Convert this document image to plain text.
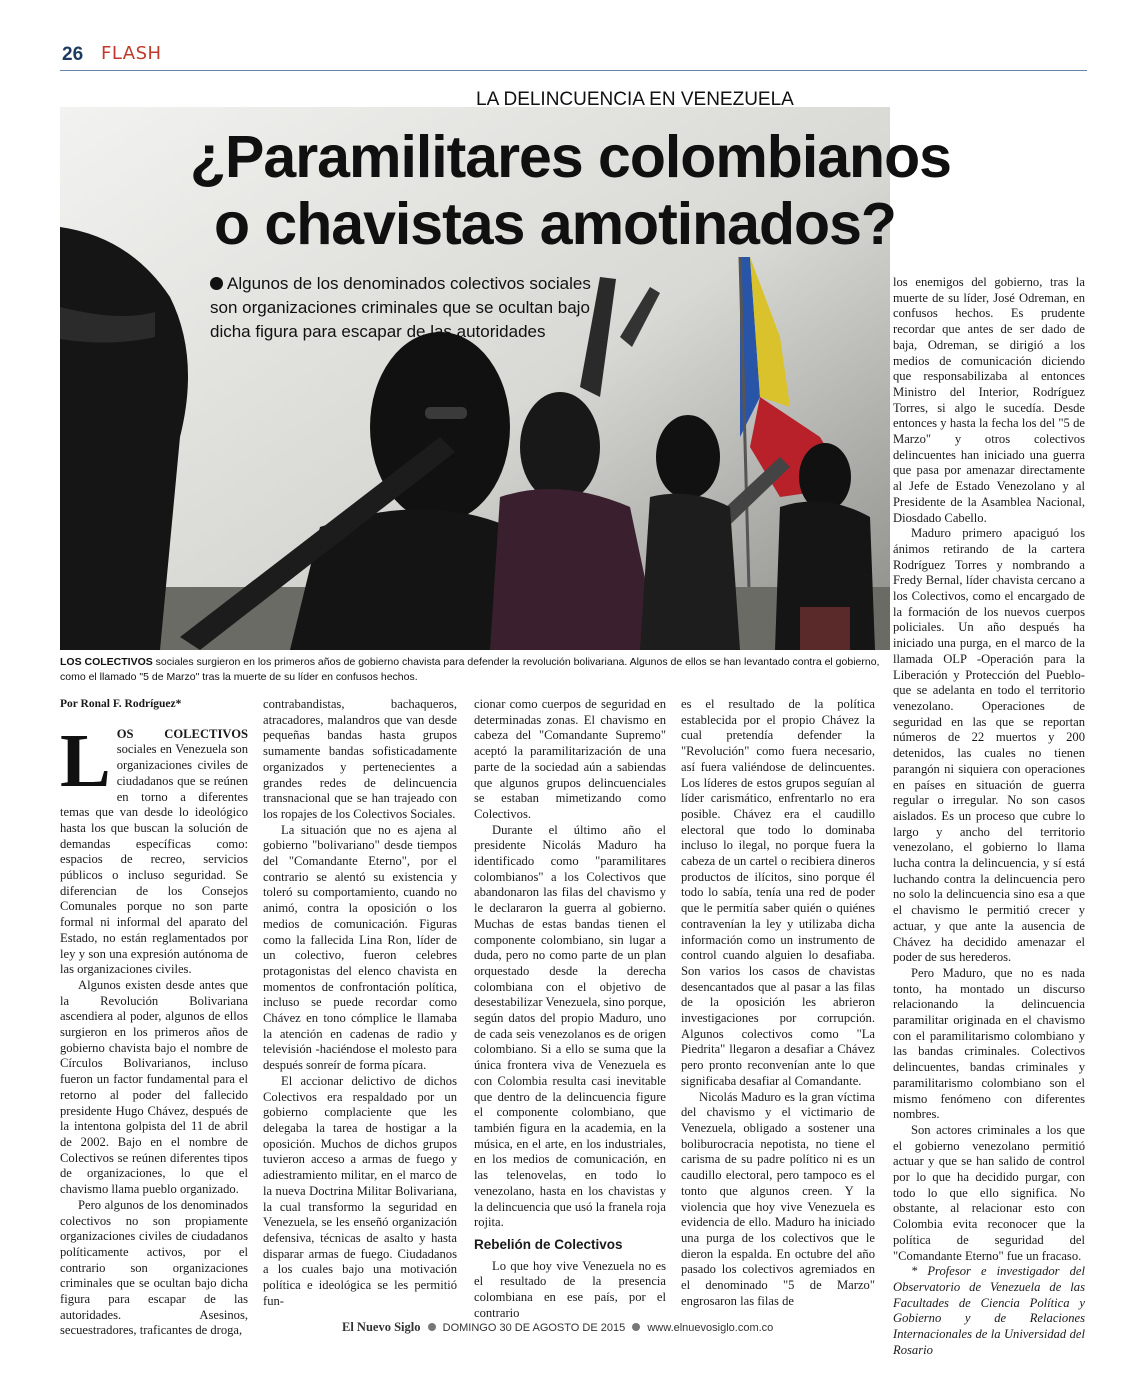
26 FLASH
LA DELINCUENCIA EN VENEZUELA
¿Paramilitares colombianos
o chavistas amotinados?
Algunos de los denominados colectivos sociales son organizaciones criminales que se ocultan bajo dicha figura para escapar de las autoridades
LOS COLECTIVOS sociales surgieron en los primeros años de gobierno chavista para defender la revolución bolivariana. Algunos de ellos se han levantado contra el gobierno, como el llamado "5 de Marzo" tras la muerte de su líder en confusos hechos.

Por Ronal F. Rodríguez*

LOS COLECTIVOS sociales en Venezuela son organizaciones civiles de ciudadanos que se reúnen en torno a diferentes temas que van desde lo ideológico hasta los que buscan la solución de demandas específicas como: espacios de recreo, servicios públicos o incluso seguridad. Se diferencian de los Consejos Comunales porque no son parte formal ni informal del aparato del Estado, no están reglamentados por ley y son una expresión autónoma de las organizaciones civiles.

Algunos existen desde antes que la Revolución Bolivariana ascendiera al poder, algunos de ellos surgieron en los primeros años de gobierno chavista bajo el nombre de Círculos Bolivarianos, incluso fueron un factor fundamental para el retorno al poder del fallecido presidente Hugo Chávez, después de la intentona golpista del 11 de abril de 2002. Bajo en el nombre de Colectivos se reúnen diferentes tipos de organizaciones, lo que el chavismo llama pueblo organizado.

Pero algunos de los denominados colectivos no son propiamente organizaciones civiles de ciudadanos políticamente activos, por el contrario son organizaciones criminales que se ocultan bajo dicha figura para escapar de las autoridades. Asesinos, secuestradores, traficantes de droga,

contrabandistas, bachaqueros, atracadores, malandros que van desde pequeñas bandas hasta grupos sumamente bandas sofisticadamente organizados y pertenecientes a grandes redes de delincuencia transnacional que se han trajeado con los ropajes de los Colectivos Sociales.

La situación que no es ajena al gobierno "bolivariano" desde tiempos del "Comandante Eterno", por el contrario se alentó su existencia y toleró su comportamiento, cuando no animó, contra la oposición o los medios de comunicación. Figuras como la fallecida Lina Ron, líder de un colectivo, fueron celebres protagonistas del elenco chavista en momentos de confrontación política, incluso se puede recordar como Chávez en tono cómplice le llamaba la atención en cadenas de radio y televisión -haciéndose el molesto para después sonreír de forma pícara.

El accionar delictivo de dichos Colectivos era respaldado por un gobierno complaciente que les delegaba la tarea de hostigar a la oposición. Muchos de dichos grupos tuvieron acceso a armas de fuego y adiestramiento militar, en el marco de la nueva Doctrina Militar Bolivariana, la cual transformo la seguridad en Venezuela, se les enseñó organización defensiva, técnicas de asalto y hasta disparar armas de fuego. Ciudadanos a los cuales bajo una motivación política e ideológica se les permitió fun-

cionar como cuerpos de seguridad en determinadas zonas. El chavismo en cabeza del "Comandante Supremo" aceptó la paramilitarización de una parte de la sociedad aún a sabiendas que algunos grupos delincuenciales se estaban mimetizando como Colectivos.

Durante el último año el presidente Nicolás Maduro ha identificado como "paramilitares colombianos" a los Colectivos que abandonaron las filas del chavismo y le declararon la guerra al gobierno. Muchas de estas bandas tienen el componente colombiano, sin lugar a duda, pero no como parte de un plan orquestado desde la derecha colombiana con el objetivo de desestabilizar Venezuela, sino porque, según datos del propio Maduro, uno de cada seis venezolanos es de origen colombiano. Si a ello se suma que la única frontera viva de Venezuela es con Colombia resulta casi inevitable que dentro de la delincuencia figure el componente colombiano, que también figura en la academia, en la música, en el arte, en los industriales, en los medios de comunicación, en las telenovelas, en todo lo venezolano, hasta en los chavistas y la delincuencia que usó la franela roja rojita.

Rebelión de Colectivos

Lo que hoy vive Venezuela no es el resultado de la presencia colombiana en ese país, por el contrario

es el resultado de la política establecida por el propio Chávez la cual pretendía defender la "Revolución" como fuera necesario, así fuera valiéndose de delincuentes. Los líderes de estos grupos seguían al líder carismático, enfrentarlo no era posible. Chávez era el caudillo electoral que todo lo dominaba incluso lo ilegal, no porque fuera la cabeza de un cartel o recibiera dineros productos de ilícitos, sino porque él todo lo sabía, tenía una red de poder que le permitía saber quién o quiénes contravenían la ley y utilizaba dicha información como un instrumento de control cuando alguien lo desafiaba. Son varios los casos de chavistas desencantados que al pasar a las filas de la oposición les abrieron investigaciones por corrupción. Algunos colectivos como "La Piedrita" llegaron a desafiar a Chávez pero pronto reconvenían ante lo que significaba desafiar al Comandante.

Nicolás Maduro es la gran víctima del chavismo y el victimario de Venezuela, obligado a sostener una boliburocracia nepotista, no tiene el carisma de su padre político ni es un caudillo electoral, pero tampoco es el tonto que algunos creen. Y la violencia que hoy vive Venezuela es evidencia de ello. Maduro ha iniciado una purga de los colectivos que le dieron la espalda. En octubre del año pasado los colectivos agremiados en el denominado "5 de Marzo" engrosaron las filas de

los enemigos del gobierno, tras la muerte de su líder, José Odreman, en confusos hechos. Es prudente recordar que antes de ser dado de baja, Odreman, se dirigió a los medios de comunicación diciendo que responsabilizaba al entonces Ministro del Interior, Rodríguez Torres, si algo le sucedía. Desde entonces y hasta la fecha los del "5 de Marzo" y otros colectivos delincuentes han iniciado una guerra que pasa por amenazar directamente al Jefe de Estado Venezolano y al Presidente de la Asamblea Nacional, Diosdado Cabello.

Maduro primero apaciguó los ánimos retirando de la cartera Rodríguez Torres y nombrando a Fredy Bernal, líder chavista cercano a los Colectivos, como el encargado de la formación de los nuevos cuerpos policiales. Un año después ha iniciado una purga, en el marco de la llamada OLP -Operación para la Liberación y Protección del Pueblo- que se adelanta en todo el territorio venezolano. Operaciones de seguridad en las que se reportan números de 22 muertos y 200 detenidos, las cuales no tienen parangón ni siquiera con operaciones en países en situación de guerra regular o irregular. No son casos aislados. Es un proceso que cubre lo largo y ancho del territorio venezolano, el gobierno lo llama lucha contra la delincuencia, y sí está luchando contra la delincuencia pero no solo la delincuencia sino esa a que el chavismo le permitió crecer y actuar, y que ante la ausencia de Chávez ha decidido amenazar el poder de sus herederos.

Pero Maduro, que no es nada tonto, ha montado un discurso relacionando la delincuencia paramilitar originada en el chavismo con el paramilitarismo colombiano y las bandas criminales. Colectivos delincuentes, bandas criminales y paramilitarismo colombiano son el mismo fenómeno con diferentes nombres.

Son actores criminales a los que el gobierno venezolano permitió actuar y que se han salido de control por lo que ha decidido purgar, con todo lo que ello significa. No obstante, al relacionar esto con Colombia evita reconocer que la política de seguridad del "Comandante Eterno" fue un fracaso.

* Profesor e investigador del Observatorio de Venezuela de las Facultades de Ciencia Política y Gobierno y de Relaciones Internacionales de la Universidad del Rosario

El Nuevo Siglo DOMINGO 30 DE AGOSTO DE 2015 www.elnuevosiglo.com.co
